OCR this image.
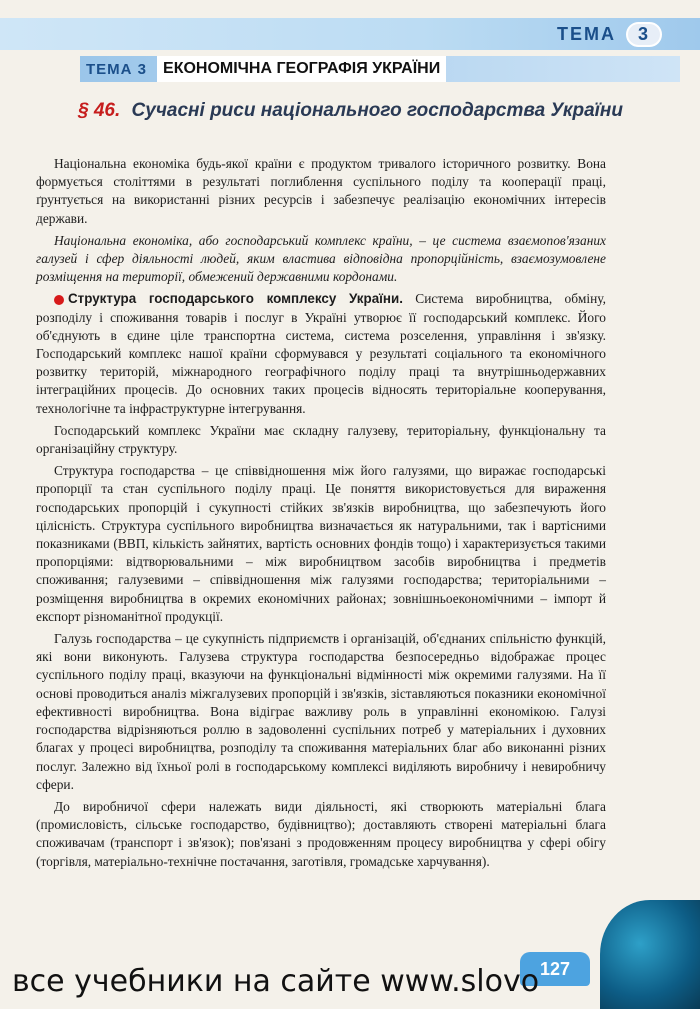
ТЕМА	3
ТЕМА 3	ЕКОНОМІЧНА ГЕОГРАФІЯ УКРАЇНИ
§ 46. Сучасні риси національного господарства України

Національна економіка будь-якої країни є продуктом тривалого історичного розвитку. Вона формується століттями в результаті поглиблення суспільного поділу та кооперації праці, ґрунтується на використанні різних ресурсів і забезпечує реалізацію економічних інтересів держави.

Національна економіка, або господарський комплекс країни, – це система взаємопов'язаних галузей і сфер діяльності людей, яким властива відповідна пропорційність, взаємозумовлене розміщення на території, обмежений державними кордонами.

Структура господарського комплексу України. Система виробництва, обміну, розподілу і споживання товарів і послуг в Україні утворює її господарський комплекс. Його об'єднують в єдине ціле транспортна система, система розселення, управління і зв'язку. Господарський комплекс нашої країни сформувався у результаті соціального та економічного розвитку територій, міжнародного географічного поділу праці та внутрішньодержавних інтеграційних процесів. До основних таких процесів відносять територіальне кооперування, технологічне та інфраструктурне інтегрування.

Господарський комплекс України має складну галузеву, територіальну, функціональну та організаційну структуру.

Структура господарства – це співвідношення між його галузями, що виражає господарські пропорції та стан суспільного поділу праці. Це поняття використовується для вираження господарських пропорцій і сукупності стійких зв'язків виробництва, що забезпечують його цілісність. Структура суспільного виробництва визначається як натуральними, так і вартісними показниками (ВВП, кількість зайнятих, вартість основних фондів тощо) і характеризується такими пропорціями: відтворювальними – між виробництвом засобів виробництва і предметів споживання; галузевими – співвідношення між галузями господарства; територіальними – розміщення виробництва в окремих економічних районах; зовнішньоекономічними – імпорт й експорт різноманітної продукції.

Галузь господарства – це сукупність підприємств і організацій, об'єднаних спільністю функцій, які вони виконують. Галузева структура господарства безпосередньо відображає процес суспільного поділу праці, вказуючи на функціональні відмінності між окремими галузями. На її основі проводиться аналіз міжгалузевих пропорцій і зв'язків, зіставляються показники економічної ефективності виробництва. Вона відіграє важливу роль в управлінні економікою. Галузі господарства відрізняються роллю в задоволенні суспільних потреб у матеріальних і духовних благах у процесі виробництва, розподілу та споживання матеріальних благ або виконанні різних послуг. Залежно від їхньої ролі в господарському комплексі виділяють виробничу і невиробничу сфери.

До виробничої сфери належать види діяльності, які створюють матеріальні блага (промисловість, сільське господарство, будівництво); доставляють створені матеріальні блага споживачам (транспорт і зв'язок); пов'язані з продовженням процесу виробництва у сфері обігу (торгівля, матеріально-технічне постачання, заготівля, громадське харчування).

127
все учебники на сайте www.slovo
